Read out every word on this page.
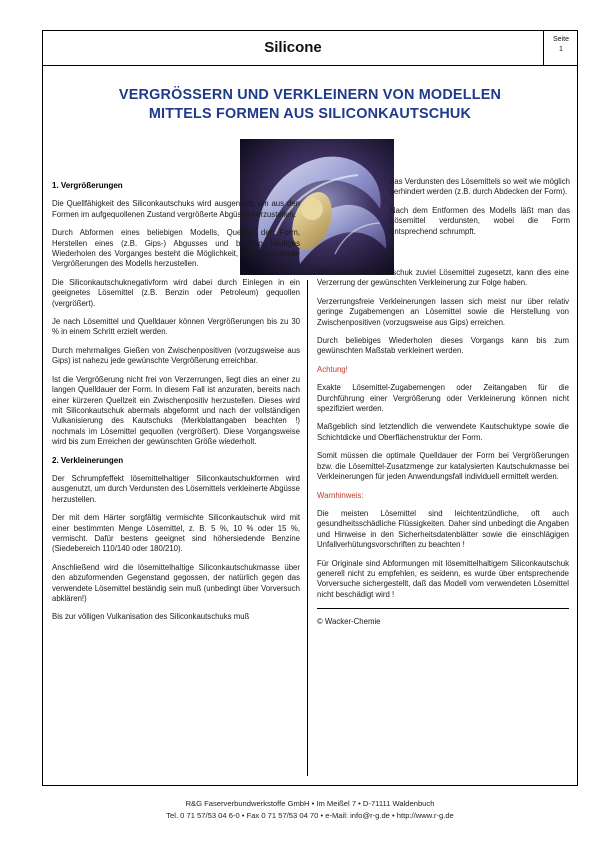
Silicone	Seite
1
VERGRÖSSERN UND VERKLEINERN VON MODELLEN
MITTELS FORMEN AUS SILICONKAUTSCHUK
1. Vergrößerungen

Die Quellfähigkeit des Siliconkautschuks wird ausgenutzt, um aus den Formen im aufgequollenen Zustand vergrößerte Abgüsse herzustellen.

Durch Abformen eines beliebigen Modells, Quellen der Form, Herstellen eines (z.B. Gips-) Abgusses und beliebig häufiges Wiederholen des Vorganges besteht die Möglichkeit, dreidimensionale Vergrößerungen des Modells herzustellen.

Die Siliconkautschuknegativform wird dabei durch Einlegen in ein geeignetes Lösemittel (z.B. Benzin oder Petroleum) gequollen (vergrößert).

Je nach Lösemittel und Quelldauer können Vergrößerungen bis zu 30 % in einem Schritt erzielt werden.

Durch mehrmaliges Gießen von Zwischenpositiven (vorzugsweise aus Gips) ist nahezu jede gewünschte Vergrößerung erreichbar.

Ist die Vergrößerung nicht frei von Verzerrungen, liegt dies an einer zu langen Quelldauer der Form. In diesem Fall ist anzuraten, bereits nach einer kürzeren Quellzeit ein Zwischenpositiv herzustellen. Dieses wird mit Siliconkautschuk abermals abgeformt und nach der vollständigen Vulkanisierung des Kautschuks (Merkblattangaben beachten !) nochmals im Lösemittel gequollen (vergrößert). Diese Vorgangsweise wird bis zum Erreichen der gewünschten Größe wiederholt.

2. Verkleinerungen

Der Schrumpfeffekt lösemittelhaltiger Siliconkautschukformen wird ausgenutzt, um durch Verdunsten des Lösemittels verkleinerte Abgüsse herzustellen.

Der mit dem Härter sorgfältig vermischte Siliconkautschuk wird mit einer bestimmten Menge Lösemittel, z. B. 5 %, 10 % oder 15 %, vermischt. Dafür bestens geeignet sind höhersiedende Benzine (Siedebereich 110/140 oder 180/210).

Anschließend wird die lösemittelhaltige Siliconkautschukmasse über den abzuformenden Gegenstand gegossen, der natürlich gegen das verwendete Lösemittel beständig sein muß (unbedingt über Vorversuch abklären!)

Bis zur völligen Vulkanisation des Siliconkautschuks muß

das Verdunsten des Lösemittels so weit wie möglich verhindert werden (z.B. durch Abdecken der Form).

Nach dem Entformen des Modells läßt man das Lösemittel verdunsten, wobei die Form entsprechend schrumpft.

Wird dem Siliconkautschuk zuviel Lösemittel zugesetzt, kann dies eine Verzerrung der gewünschten Verkleinerung zur Folge haben.

Verzerrungsfreie Verkleinerungen lassen sich meist nur über relativ geringe Zugabemengen an Lösemittel sowie die Herstellung von Zwischenpositiven (vorzugsweise aus Gips) erreichen.

Durch beliebiges Wiederholen dieses Vorgangs kann bis zum gewünschten Maßstab verkleinert werden.

Achtung!

Exakte Lösemittel-Zugabemengen oder Zeitangaben für die Durchführung einer Vergrößerung oder Verkleinerung können nicht spezifiziert werden.

Maßgeblich sind letztendlich die verwendete Kautschuktype sowie die Schichtdicke und Oberflächenstruktur der Form.

Somit müssen die optimale Quelldauer der Form bei Vergrößerungen bzw. die Lösemittel-Zusatzmenge zur katalysierten Kautschukmasse bei Verkleinerungen für jeden Anwendungsfall individuell ermittelt werden.

Warnhinweis:

Die meisten Lösemittel sind leichtentzündliche, oft auch gesundheitsschädliche Flüssigkeiten. Daher sind unbedingt die Angaben und Hinweise in den Sicherheitsdatenblätter sowie die einschlägigen Unfallverhütungsvorschriften zu beachten !

Für Originale sind Abformungen mit lösemittelhaltigem Siliconkautschuk generell nicht zu empfehlen, es seidenn, es wurde über entsprechende Vorversuche sichergestellt, daß das Modell vom verwendeten Lösemittel nicht beschädigt wird !

© Wacker-Chemie

R&G Faserverbundwerkstoffe GmbH • Im Meißel 7 • D-71111 Waldenbuch
Tel. 0 71 57/53 04 6-0 • Fax 0 71 57/53 04 70 • e-Mail: info@r-g.de • http://www.r-g.de
